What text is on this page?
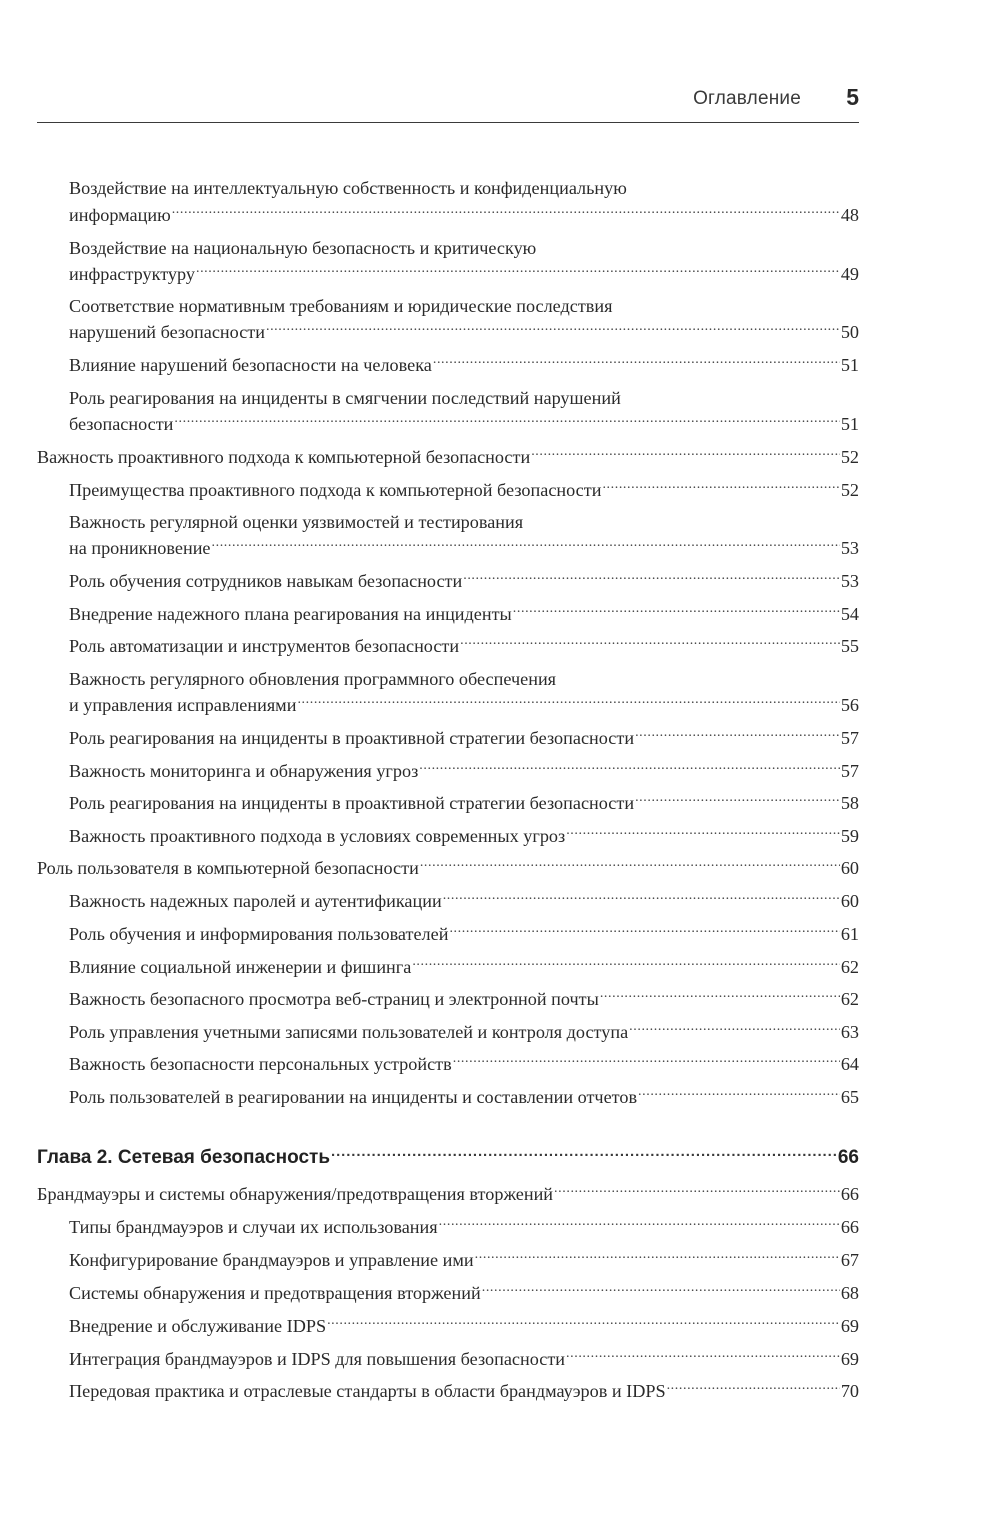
Оглавление 5
Воздействие на интеллектуальную собственность и конфиденциальную
информацию .....	48
Воздействие на национальную безопасность и критическую
инфраструктуру .....	49
Соответствие нормативным требованиям и юридические последствия
нарушений безопасности .....	50
Влияние нарушений безопасности на человека .....	51
Роль реагирования на инциденты в смягчении последствий нарушений
безопасности .....	51
Важность проактивного подхода к компьютерной безопасности .....	52
Преимущества проактивного подхода к компьютерной безопасности .....	52
Важность регулярной оценки уязвимостей и тестирования
на проникновение .....	53
Роль обучения сотрудников навыкам безопасности .....	53
Внедрение надежного плана реагирования на инциденты .....	54
Роль автоматизации и инструментов безопасности .....	55
Важность регулярного обновления программного обеспечения
и управления исправлениями .....	56
Роль реагирования на инциденты в проактивной стратегии безопасности .....	57
Важность мониторинга и обнаружения угроз .....	57
Роль реагирования на инциденты в проактивной стратегии безопасности .....	58
Важность проактивного подхода в условиях современных угроз .....	59
Роль пользователя в компьютерной безопасности .....	60
Важность надежных паролей и аутентификации .....	60
Роль обучения и информирования пользователей .....	61
Влияние социальной инженерии и фишинга .....	62
Важность безопасного просмотра веб-страниц и электронной почты .....	62
Роль управления учетными записями пользователей и контроля доступа .....	63
Важность безопасности персональных устройств .....	64
Роль пользователей в реагировании на инциденты и составлении отчетов .....	65
Глава 2. Сетевая безопасность .....	66
Брандмауэры и системы обнаружения/предотвращения вторжений .....	66
Типы брандмауэров и случаи их использования .....	66
Конфигурирование брандмауэров и управление ими .....	67
Системы обнаружения и предотвращения вторжений .....	68
Внедрение и обслуживание IDPS .....	69
Интеграция брандмауэров и IDPS для повышения безопасности .....	69
Передовая практика и отраслевые стандарты в области брандмауэров и IDPS .....	70
